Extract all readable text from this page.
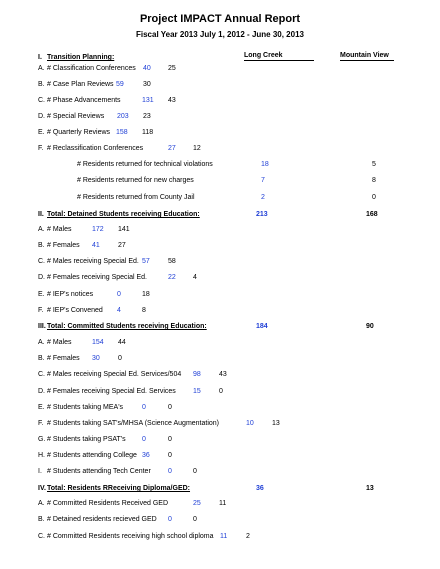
Project IMPACT Annual Report
Fiscal Year 2013 July 1, 2012 - June 30, 2013
Long Creek	Mountain View
I. Transition Planning:
A. # Classification Conferences 40 25
B. # Case Plan Reviews 59	30
C. # Phase Advancements	131 43
D. # Special Reviews 203 23
E. # Quarterly Reviews 158 118
F. # Reclassification Conferences	27 12
# Residents returned for technical violations	18	5
# Residents returned for new charges	7	8
# Residents returned from County Jail	2	0
II. Total: Detained Students receiving Education:	213	168
A. # Males	172 141
B. # Females 41	27
C. # Males receiving Special Ed. 57	58
D. # Females receiving Special Ed.	22 4
E. # IEP's notices	0	18
F. # IEP's Convened 4	8
III. Total: Committed Students receiving Education:	184	90
A. # Males	154 44
B. # Females 30	0
C. # Males receiving Special Ed. Services/504 98	43
D. # Females receiving Special Ed. Services 15	0
E. # Students taking MEA's	0	0
F. # Students taking SAT's/MHSA (Science Augmentation)	10	13
G. # Students taking PSAT's 0	0
H. # Students attending College 36	0
I. # Students attending Tech Center 0	0
IV. Total: Residents RReceiving Diploma/GED:	36	13
A. # Committed Residents Received GED	25	11
B. # Detained residents recieved GED 0	0
C. # Committed Residents receiving high school diploma 11	2
